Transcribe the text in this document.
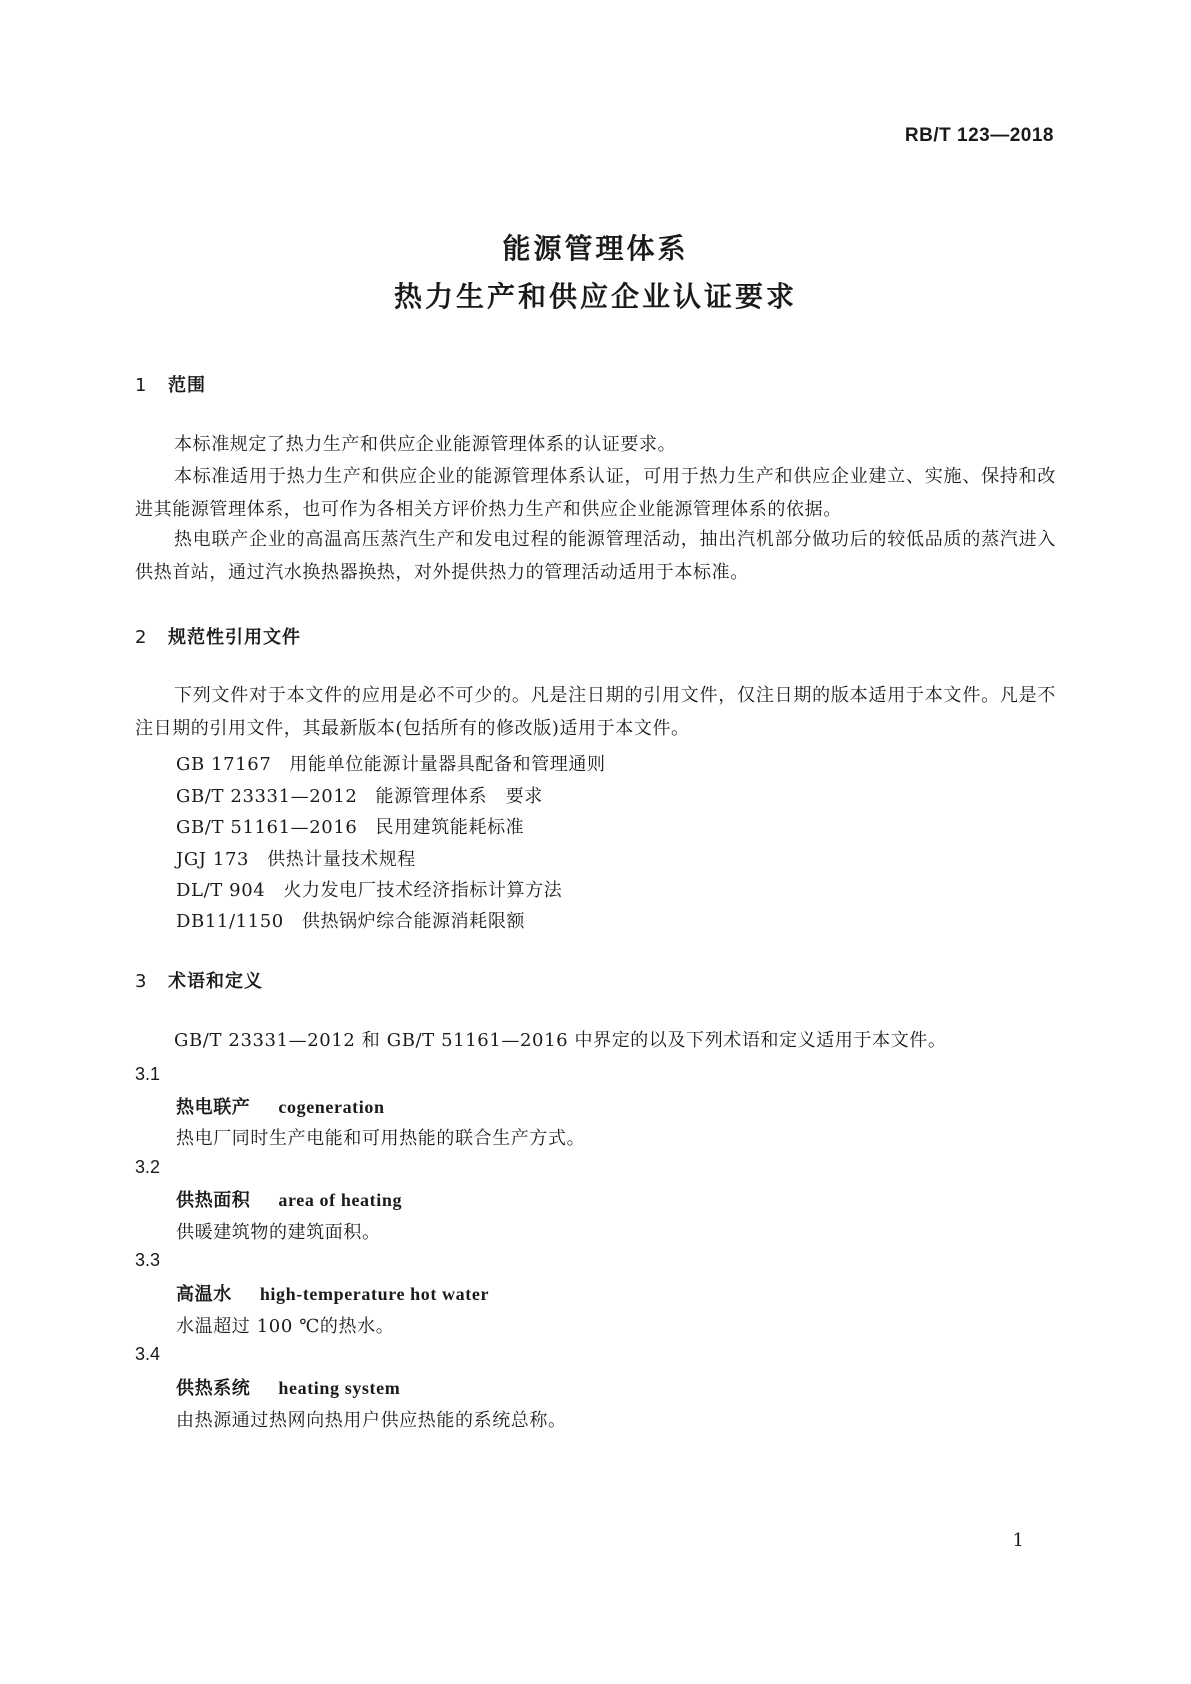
RB/T 123—2018
能源管理体系
热力生产和供应企业认证要求
1 范围
本标准规定了热力生产和供应企业能源管理体系的认证要求。
本标准适用于热力生产和供应企业的能源管理体系认证，可用于热力生产和供应企业建立、实施、保持和改进其能源管理体系，也可作为各相关方评价热力生产和供应企业能源管理体系的依据。
热电联产企业的高温高压蒸汽生产和发电过程的能源管理活动，抽出汽机部分做功后的较低品质的蒸汽进入供热首站，通过汽水换热器换热，对外提供热力的管理活动适用于本标准。
2 规范性引用文件
下列文件对于本文件的应用是必不可少的。凡是注日期的引用文件，仅注日期的版本适用于本文件。凡是不注日期的引用文件，其最新版本(包括所有的修改版)适用于本文件。
GB 17167 用能单位能源计量器具配备和管理通则
GB/T 23331—2012 能源管理体系　要求
GB/T 51161—2016 民用建筑能耗标准
JGJ 173 供热计量技术规程
DL/T 904 火力发电厂技术经济指标计算方法
DB11/1150 供热锅炉综合能源消耗限额
3 术语和定义
GB/T 23331—2012 和 GB/T 51161—2016 中界定的以及下列术语和定义适用于本文件。
3.1
热电联产 cogeneration
热电厂同时生产电能和可用热能的联合生产方式。
3.2
供热面积 area of heating
供暖建筑物的建筑面积。
3.3
高温水 high-temperature hot water
水温超过 100 ℃的热水。
3.4
供热系统 heating system
由热源通过热网向热用户供应热能的系统总称。
1
